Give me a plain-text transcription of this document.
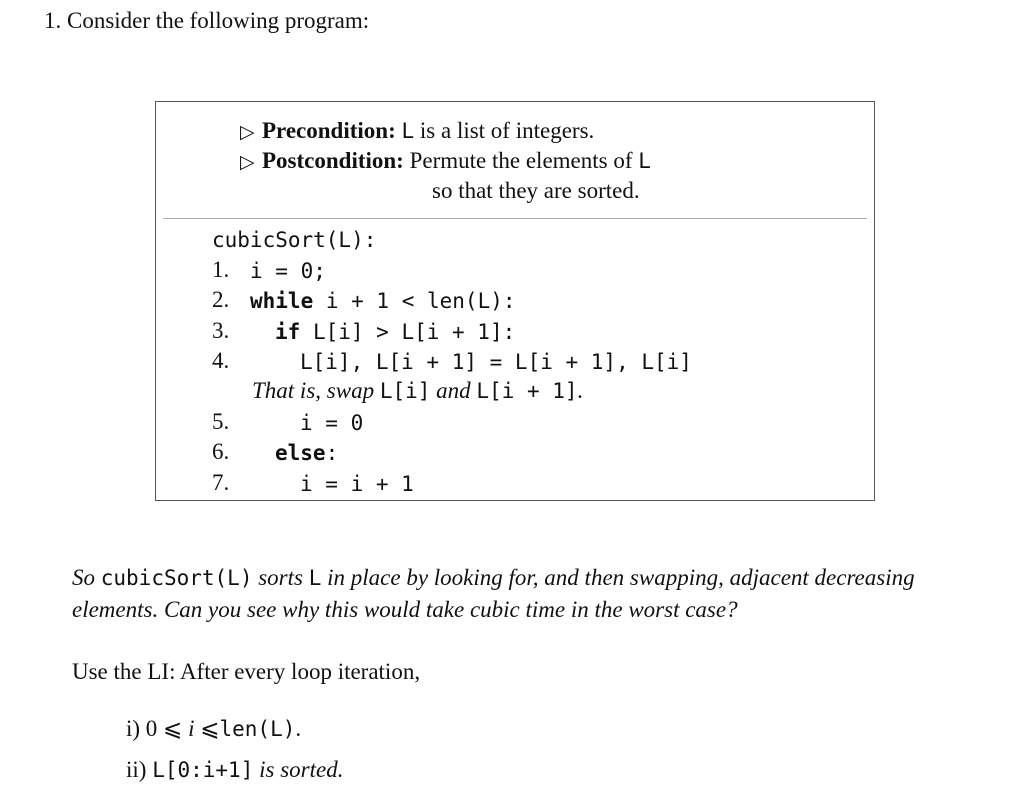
1. Consider the following program:
▷ Precondition: L is a list of integers.
▷ Postcondition: Permute the elements of L
so that they are sorted.
cubicSort(L):
1. i = 0;
2. while i + 1 < len(L):
3. if L[i] > L[i + 1]:
4.	L[i], L[i + 1] = L[i + 1], L[i]
That is, swap L[i] and L[i + 1].
5.	i = 0
6. else:
7.	i = i + 1
So cubicSort(L) sorts L in place by looking for, and then swapping, adjacent decreasing elements. Can you see why this would take cubic time in the worst case?
Use the LI: After every loop iteration,
i) 0 ⩽ i ⩽len(L).
ii) L[0:i+1] is sorted.
